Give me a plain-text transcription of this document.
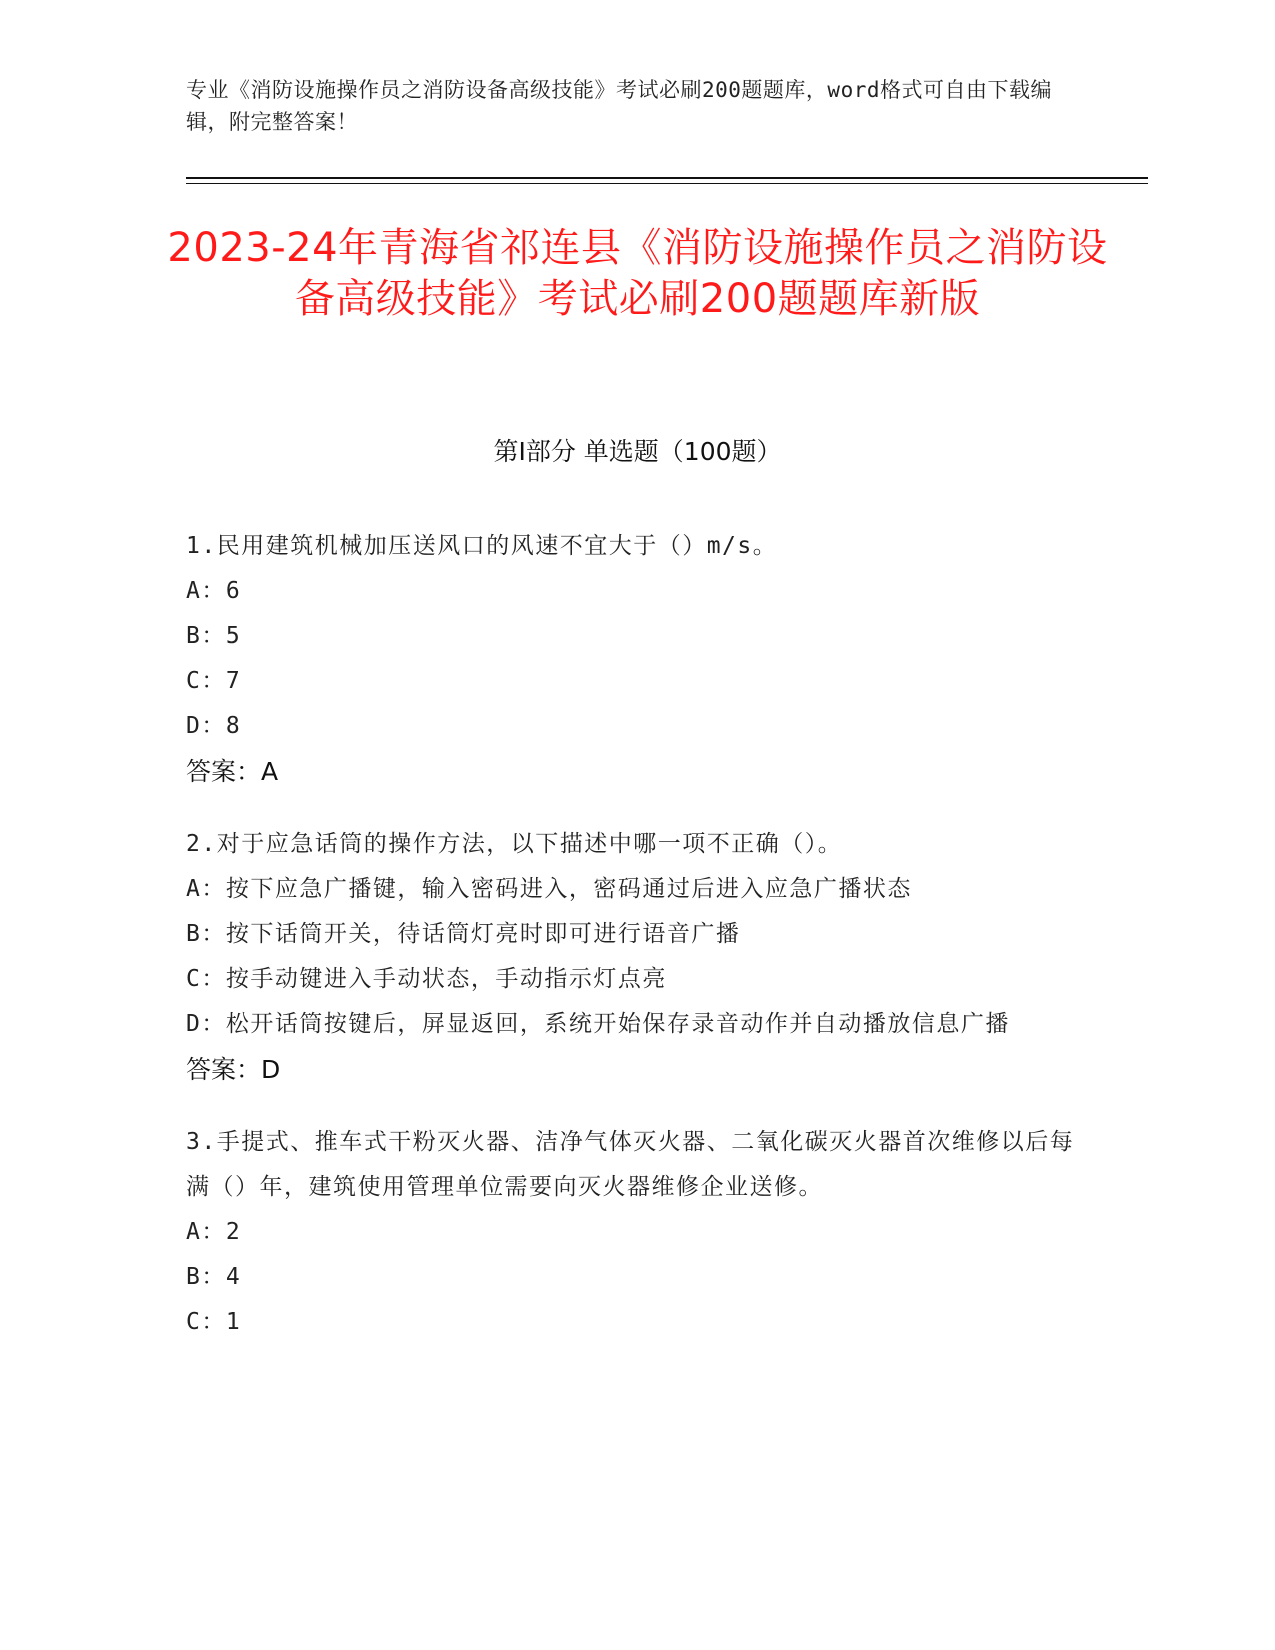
专业《消防设施操作员之消防设备高级技能》考试必刷200题题库，word格式可自由下载编辑，附完整答案！
2023-24年青海省祁连县《消防设施操作员之消防设备高级技能》考试必刷200题题库新版
第I部分 单选题（100题）
1.民用建筑机械加压送风口的风速不宜大于（）m/s。
A：6
B：5
C：7
D：8
答案：A
2.对于应急话筒的操作方法，以下描述中哪一项不正确（）。
A：按下应急广播键，输入密码进入，密码通过后进入应急广播状态
B：按下话筒开关，待话筒灯亮时即可进行语音广播
C：按手动键进入手动状态，手动指示灯点亮
D：松开话筒按键后，屏显返回，系统开始保存录音动作并自动播放信息广播
答案：D
3.手提式、推车式干粉灭火器、洁净气体灭火器、二氧化碳灭火器首次维修以后每满（）年，建筑使用管理单位需要向灭火器维修企业送修。
A：2
B：4
C：1
